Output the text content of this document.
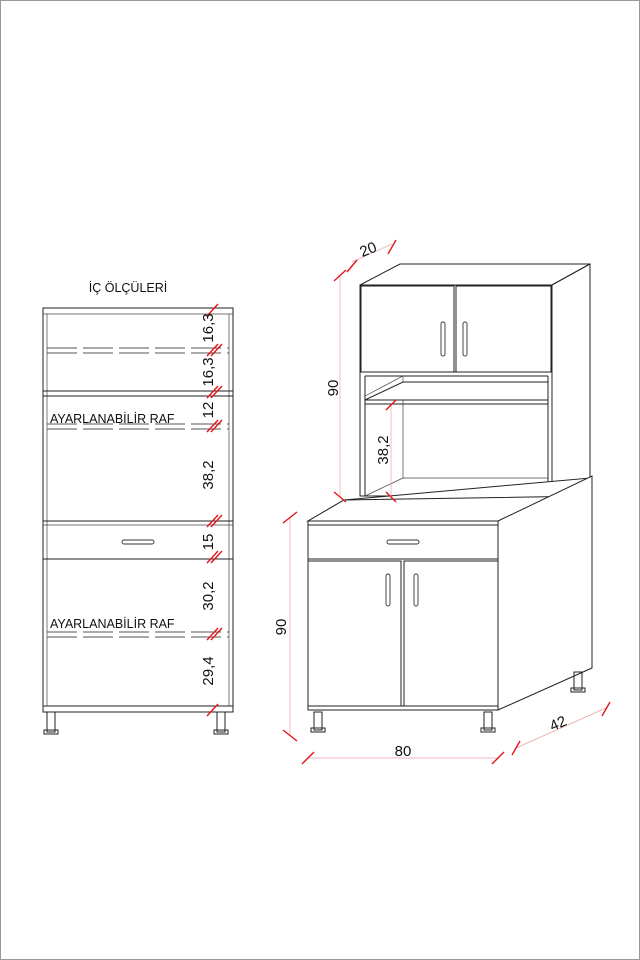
İÇ ÖLÇÜLERİ
16,3
16,3
12
38,2
15
30,2
29,4
AYARLANABİLİR RAF
AYARLANABİLİR RAF
20
90
38,2
90
80
42
